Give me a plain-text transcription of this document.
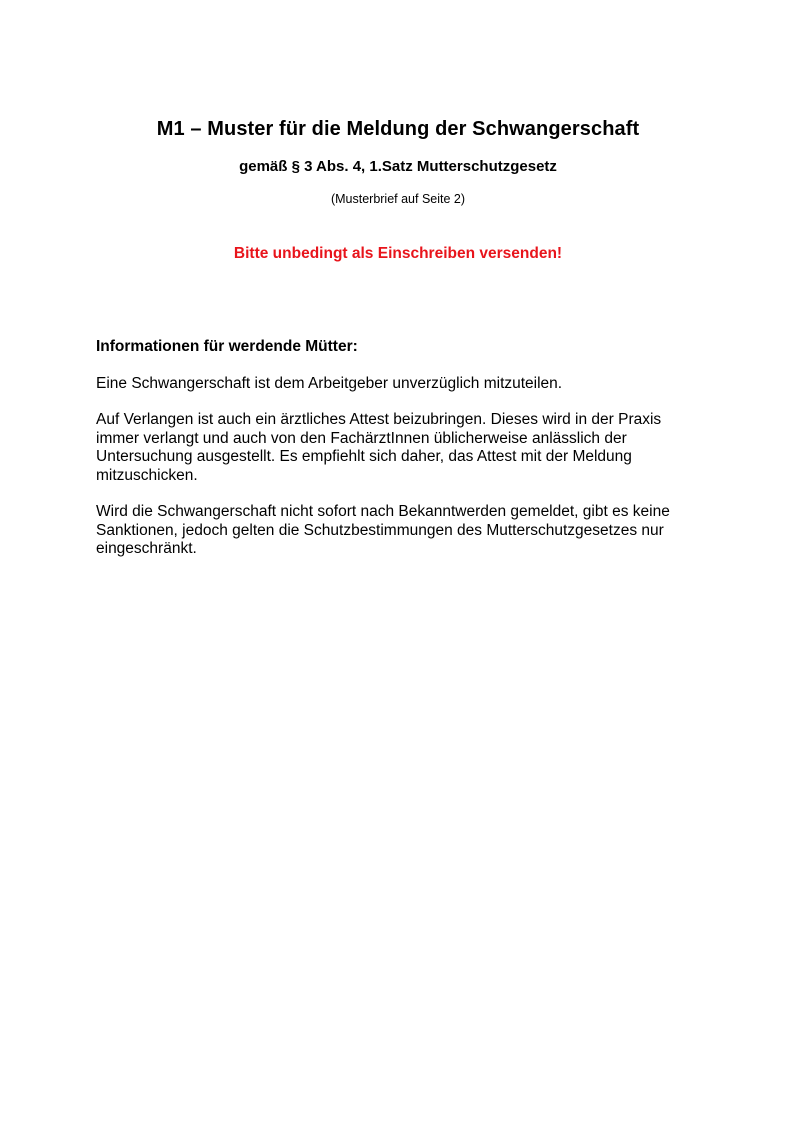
M1 – Muster für die Meldung der Schwangerschaft
gemäß § 3 Abs. 4, 1.Satz Mutterschutzgesetz
(Musterbrief auf Seite 2)
Bitte unbedingt als Einschreiben versenden!
Informationen für werdende Mütter:

Eine Schwangerschaft ist dem Arbeitgeber unverzüglich mitzuteilen.

Auf Verlangen ist auch ein ärztliches Attest beizubringen. Dieses wird in der Praxis immer verlangt und auch von den FachärztInnen üblicherweise anlässlich der Untersuchung ausgestellt. Es empfiehlt sich daher, das Attest mit der Meldung mitzuschicken.

Wird die Schwangerschaft nicht sofort nach Bekanntwerden gemeldet, gibt es keine Sanktionen, jedoch gelten die Schutzbestimmungen des Mutterschutzgesetzes nur eingeschränkt.
